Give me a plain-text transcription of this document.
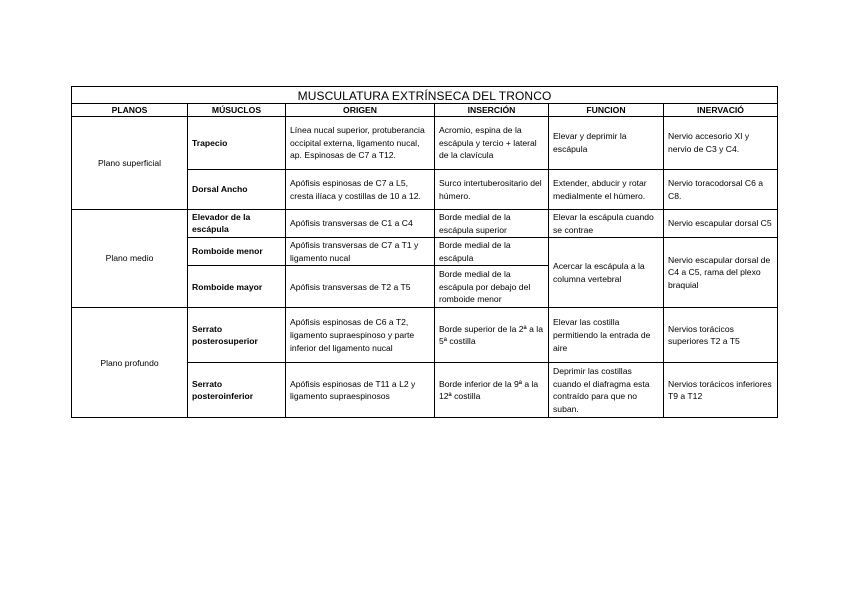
MUSCULATURA EXTRÍNSECA DEL TRONCO					
PLANOS	MÚSUCLOS	ORIGEN	INSERCIÓN	FUNCION	INERVACIÓ
Plano superficial	Trapecio	Línea nucal superior, protuberancia occipital externa, ligamento nucal, ap. Espinosas de C7 a T12.	Acromio, espina de la escápula y tercio + lateral de la clavícula	Elevar y deprimir la escápula	Nervio accesorio XI y nervio de C3 y C4.
	Dorsal Ancho	Apófisis espinosas de C7 a L5, cresta ilíaca y costillas de 10 a 12.	Surco intertuberositario del húmero.	Extender, abducir y rotar medialmente el húmero.	Nervio toracodorsal C6 a C8.
Plano medio	Elevador de la escápula	Apófisis transversas de C1 a C4	Borde medial de la escápula superior	Elevar la escápula cuando se contrae	Nervio escapular dorsal C5
	Romboide menor	Apófisis transversas de C7 a T1 y ligamento nucal	Borde medial de la escápula	Acercar la escápula a la columna vertebral	Nervio escapular dorsal de C4 a C5, rama del plexo braquial
	Romboide mayor	Apófisis transversas de T2 a T5	Borde medial de la escápula por debajo del romboide menor		
Plano profundo	Serrato posterosuperior	Apófisis espinosas de C6 a T2, ligamento supraespinoso y parte inferior del ligamento nucal	Borde superior de la 2ª a la 5ª costilla	Elevar las costilla permitiendo la entrada de aire	Nervios torácicos superiores T2 a T5
	Serrato posteroinferior	Apófisis espinosas de T11 a L2 y ligamento supraespinosos	Borde inferior de la 9ª a la 12ª costilla	Deprimir las costillas cuando el diafragma esta contraído para que no suban.	Nervios torácicos inferiores T9 a T12
